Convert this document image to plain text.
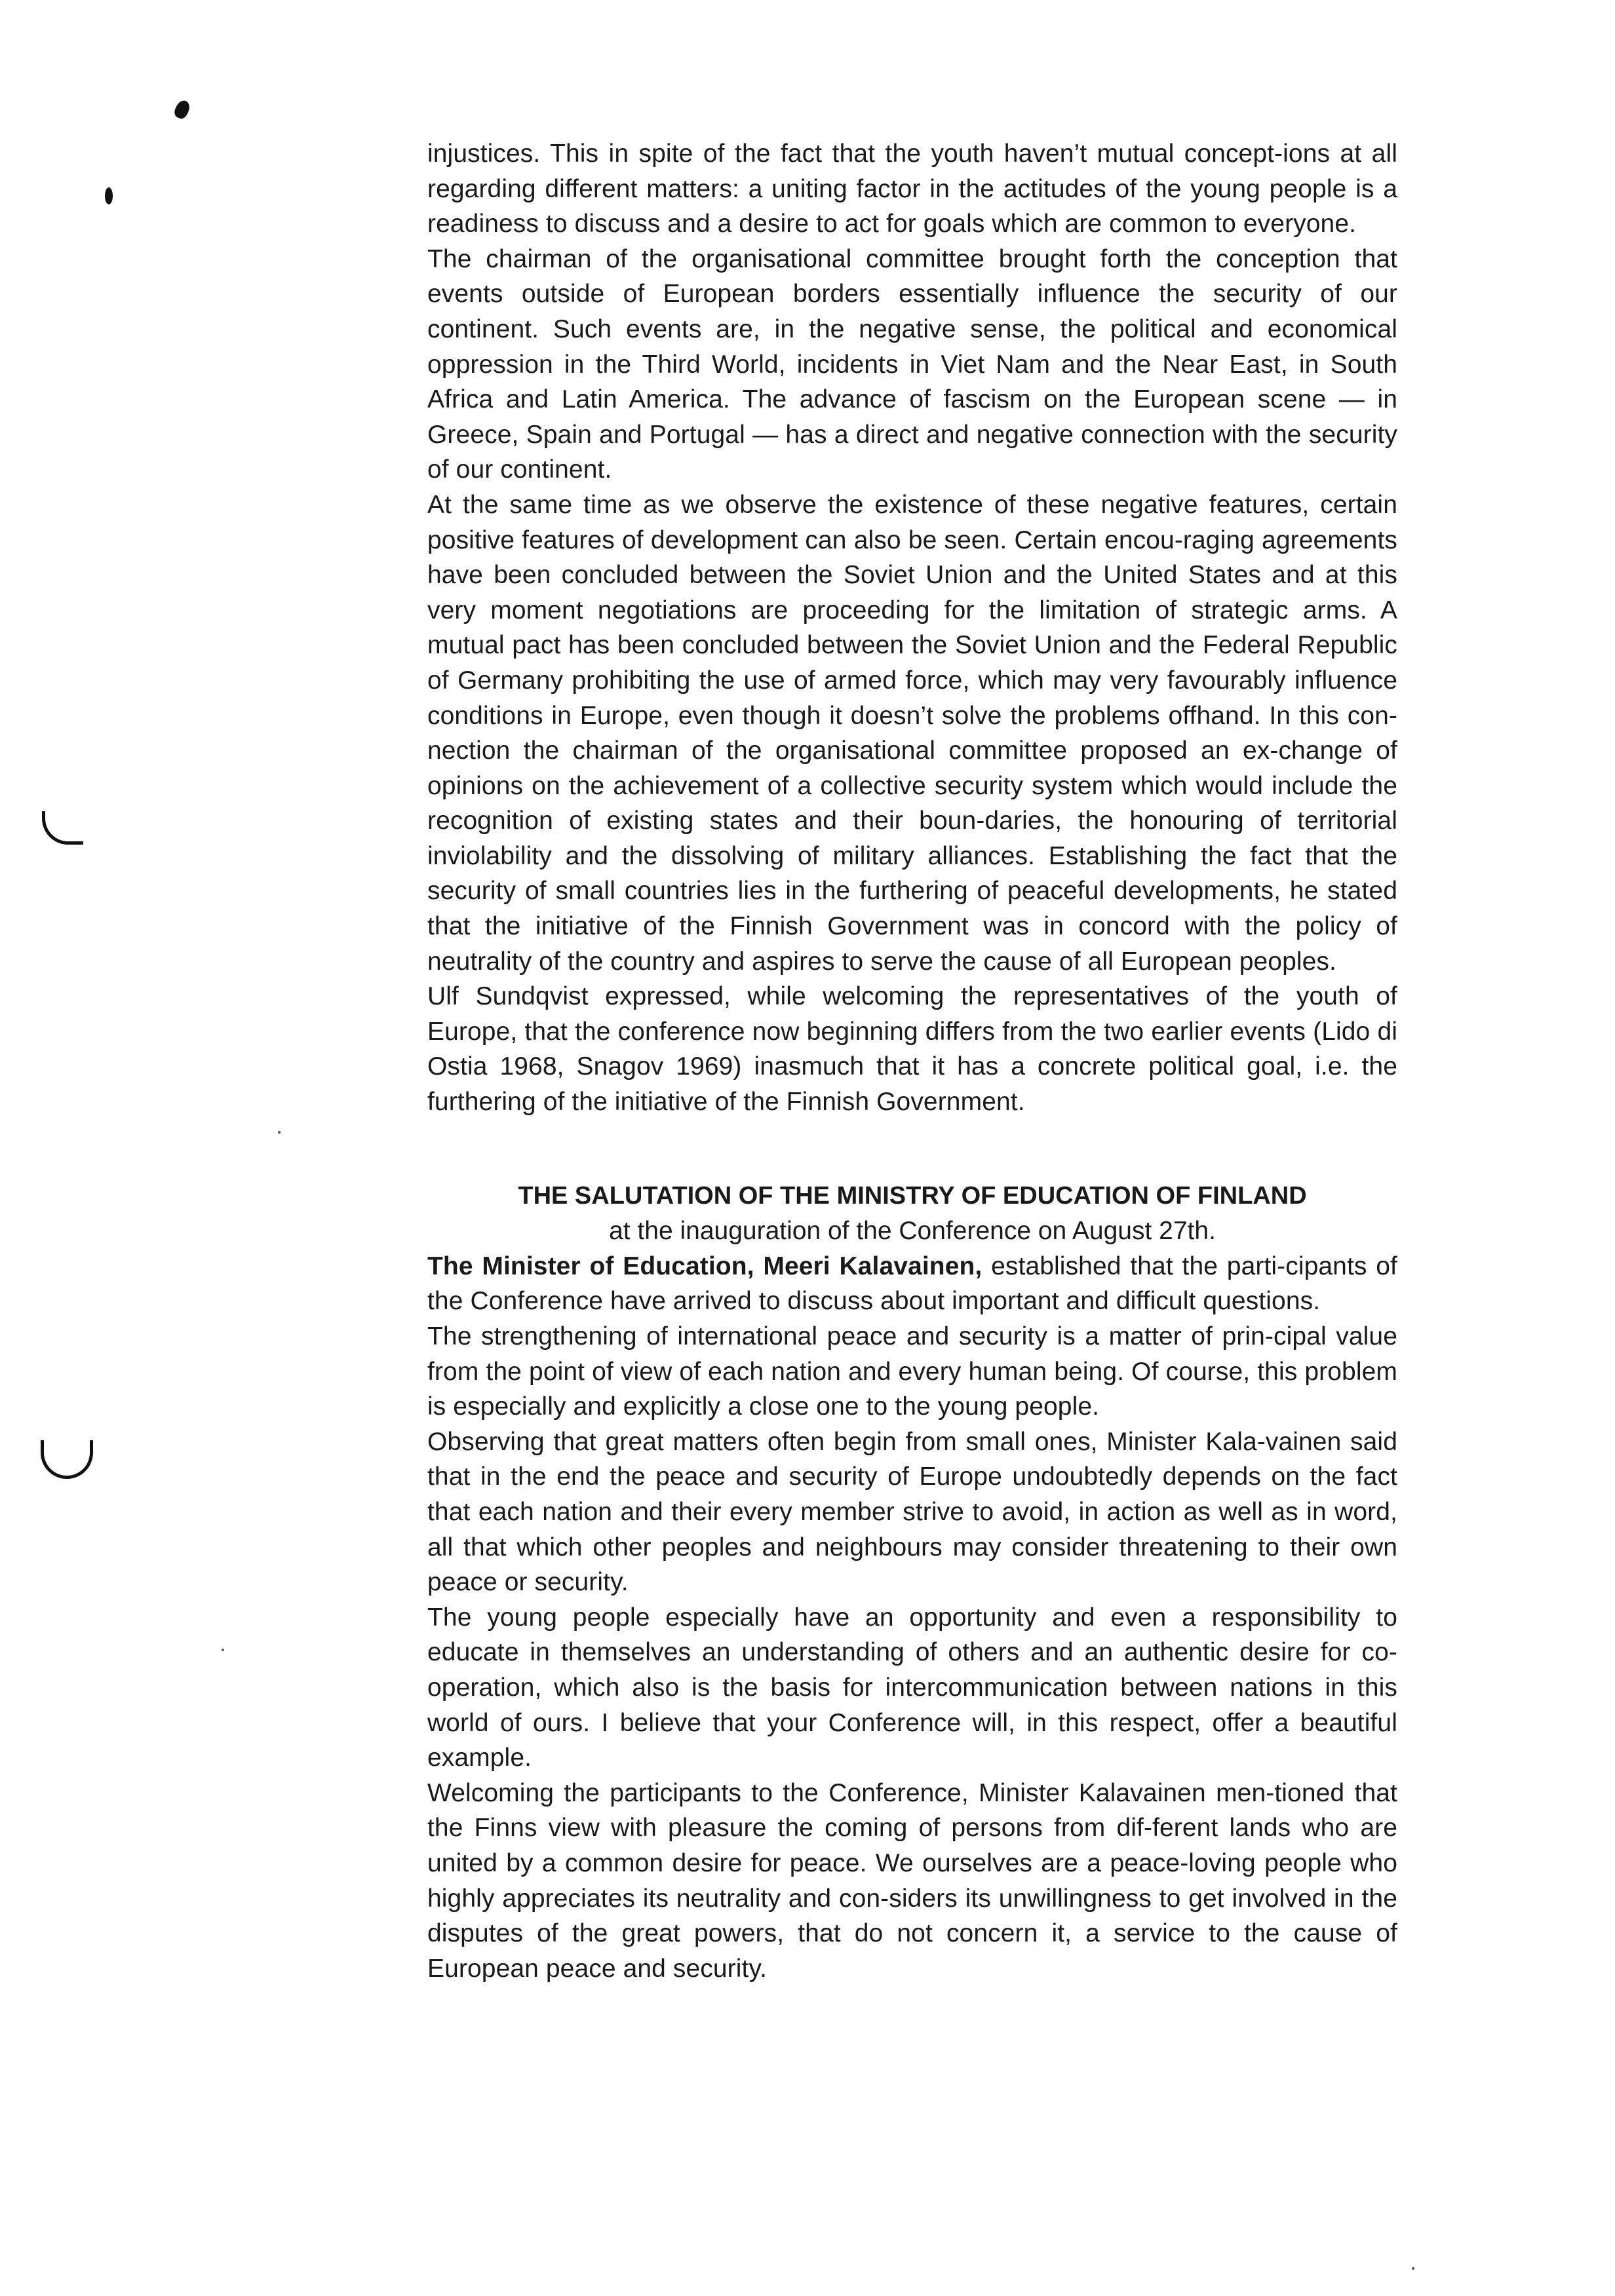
injustices. This in spite of the fact that the youth haven’t mutual concept-ions at all regarding different matters: a uniting factor in the actitudes of the young people is a readiness to discuss and a desire to act for goals which are common to everyone.

The chairman of the organisational committee brought forth the conception that events outside of European borders essentially influence the security of our continent. Such events are, in the negative sense, the political and economical oppression in the Third World, incidents in Viet Nam and the Near East, in South Africa and Latin America. The advance of fascism on the European scene — in Greece, Spain and Portugal — has a direct and negative connection with the security of our continent.

At the same time as we observe the existence of these negative features, certain positive features of development can also be seen. Certain encou-raging agreements have been concluded between the Soviet Union and the United States and at this very moment negotiations are proceeding for the limitation of strategic arms. A mutual pact has been concluded between the Soviet Union and the Federal Republic of Germany prohibiting the use of armed force, which may very favourably influence conditions in Europe, even though it doesn’t solve the problems offhand. In this con-nection the chairman of the organisational committee proposed an ex-change of opinions on the achievement of a collective security system which would include the recognition of existing states and their boun-daries, the honouring of territorial inviolability and the dissolving of military alliances. Establishing the fact that the security of small countries lies in the furthering of peaceful developments, he stated that the initiative of the Finnish Government was in concord with the policy of neutrality of the country and aspires to serve the cause of all European peoples.

Ulf Sundqvist expressed, while welcoming the representatives of the youth of Europe, that the conference now beginning differs from the two earlier events (Lido di Ostia 1968, Snagov 1969) inasmuch that it has a concrete political goal, i.e. the furthering of the initiative of the Finnish Government.

THE SALUTATION OF THE MINISTRY OF EDUCATION OF FINLAND

at the inauguration of the Conference on August 27th.

The Minister of Education, Meeri Kalavainen, established that the parti-cipants of the Conference have arrived to discuss about important and difficult questions.

The strengthening of international peace and security is a matter of prin-cipal value from the point of view of each nation and every human being. Of course, this problem is especially and explicitly a close one to the young people.

Observing that great matters often begin from small ones, Minister Kala-vainen said that in the end the peace and security of Europe undoubtedly depends on the fact that each nation and their every member strive to avoid, in action as well as in word, all that which other peoples and neighbours may consider threatening to their own peace or security.

The young people especially have an opportunity and even a responsibility to educate in themselves an understanding of others and an authentic desire for co-operation, which also is the basis for intercommunication between nations in this world of ours. I believe that your Conference will, in this respect, offer a beautiful example.

Welcoming the participants to the Conference, Minister Kalavainen men-tioned that the Finns view with pleasure the coming of persons from dif-ferent lands who are united by a common desire for peace. We ourselves are a peace-loving people who highly appreciates its neutrality and con-siders its unwillingness to get involved in the disputes of the great powers, that do not concern it, a service to the cause of European peace and security.
